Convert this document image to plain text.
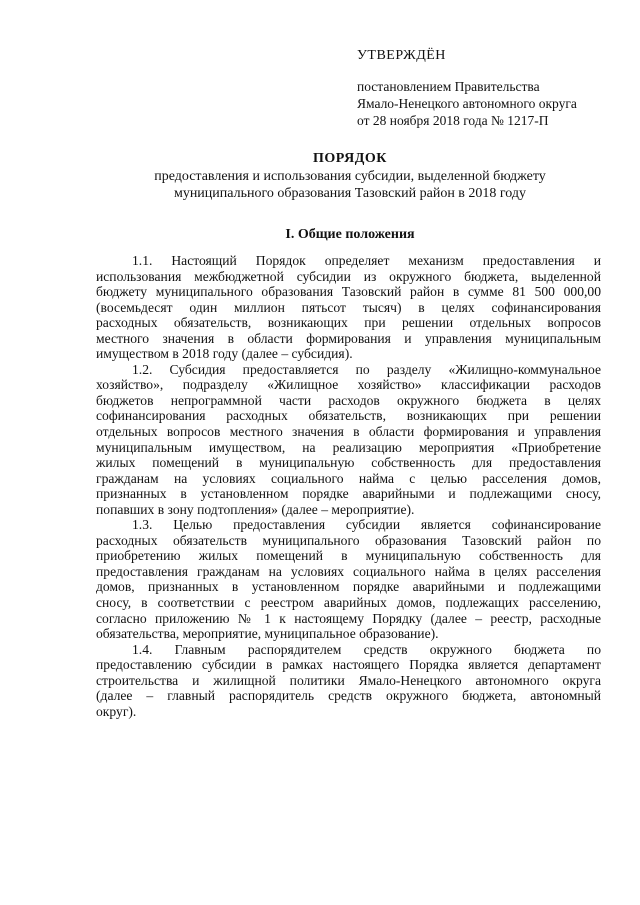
УТВЕРЖДЁН
постановлением Правительства
Ямало-Ненецкого автономного округа
от 28 ноября 2018 года № 1217-П
ПОРЯДОК
предоставления и использования субсидии, выделенной бюджету
муниципального образования Тазовский район в 2018 году
I. Общие положения
1.1. Настоящий Порядок определяет механизм предоставления и
использования межбюджетной субсидии из окружного бюджета, выделенной
бюджету муниципального образования Тазовский район в сумме 81 500 000,00
(восемьдесят один миллион пятьсот тысяч) в целях софинансирования
расходных обязательств, возникающих при решении отдельных вопросов
местного значения в области формирования и управления муниципальным
имуществом в 2018 году (далее – субсидия).
1.2. Субсидия предоставляется по разделу «Жилищно-коммунальное
хозяйство», подразделу «Жилищное хозяйство» классификации расходов
бюджетов непрограммной части расходов окружного бюджета в целях
софинансирования расходных обязательств, возникающих при решении
отдельных вопросов местного значения в области формирования и управления
муниципальным имуществом, на реализацию мероприятия «Приобретение
жилых помещений в муниципальную собственность для предоставления
гражданам на условиях социального найма с целью расселения домов,
признанных в установленном порядке аварийными и подлежащими сносу,
попавших в зону подтопления» (далее – мероприятие).
1.3. Целью предоставления субсидии является софинансирование
расходных обязательств муниципального образования Тазовский район по
приобретению жилых помещений в муниципальную собственность для
предоставления гражданам на условиях социального найма в целях расселения
домов, признанных в установленном порядке аварийными и подлежащими
сносу, в соответствии с реестром аварийных домов, подлежащих расселению,
согласно приложению № 1 к настоящему Порядку (далее – реестр, расходные
обязательства, мероприятие, муниципальное образование).
1.4. Главным распорядителем средств окружного бюджета по
предоставлению субсидии в рамках настоящего Порядка является департамент
строительства и жилищной политики Ямало-Ненецкого автономного округа
(далее – главный распорядитель средств окружного бюджета, автономный
округ).
